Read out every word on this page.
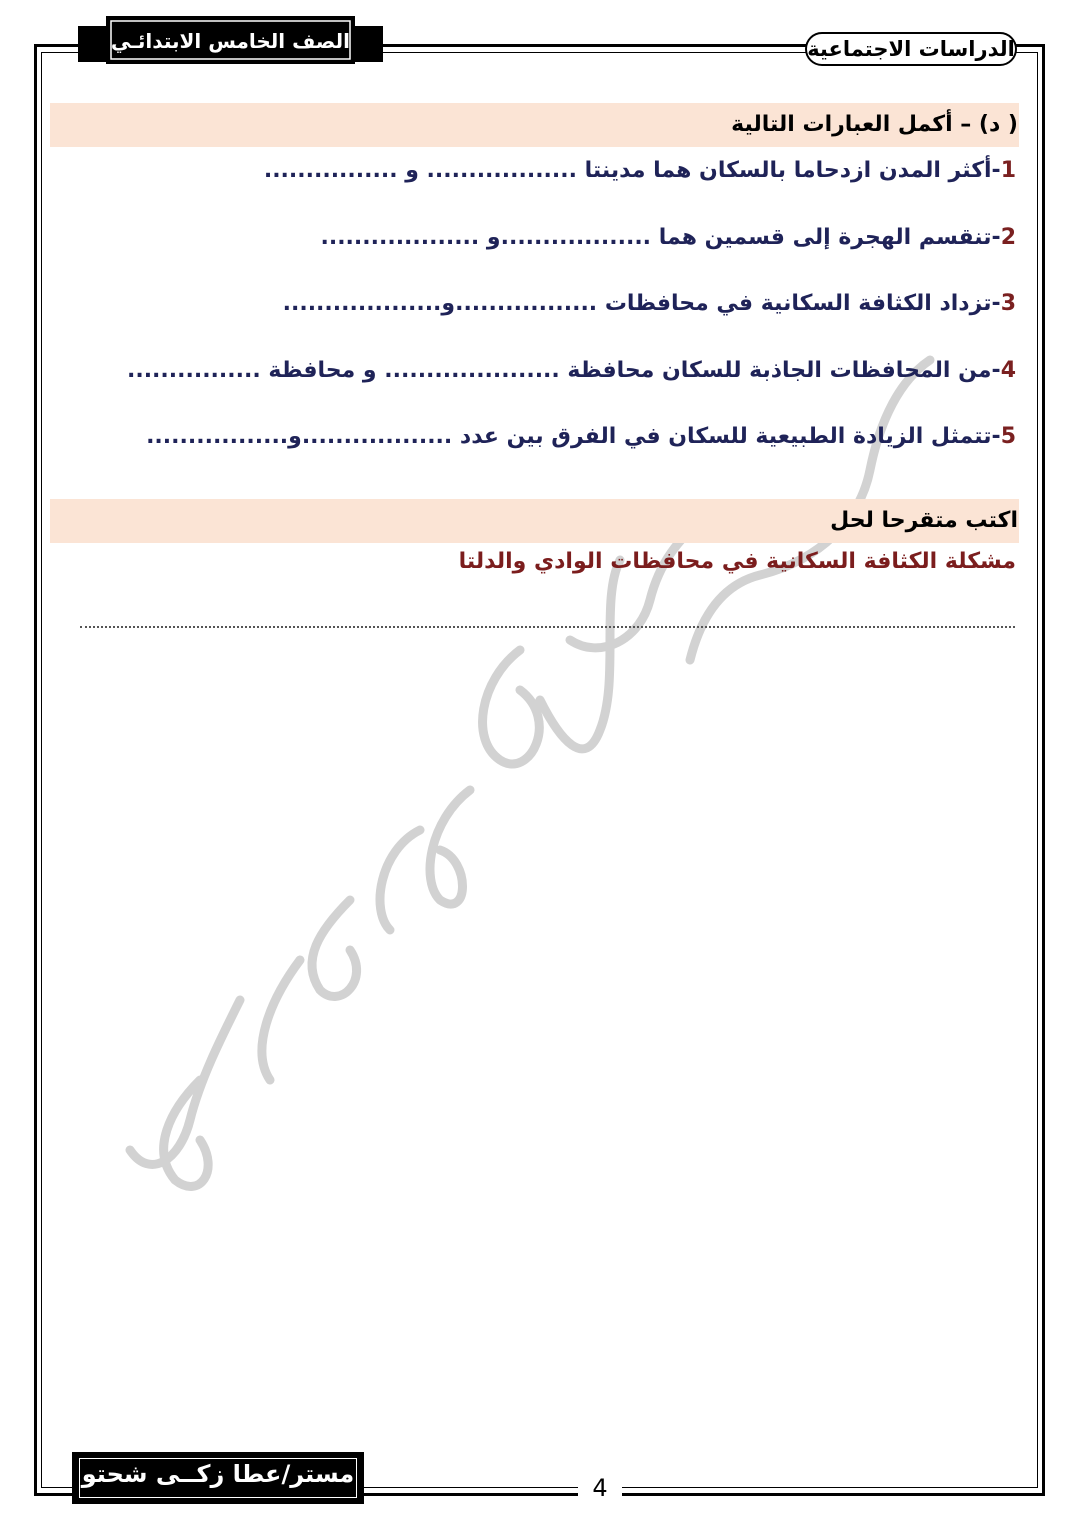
الصف الخامس الابتدائـي	الدراسات الاجتماعية
( د) – أكمل العبارات التالية
1-أكثر المدن ازدحاما بالسكان هما مدينتا .................. و ................
2-تنقسم الهجرة إلى قسمين هما ..................و ...................
3-تزداد الكثافة السكانية في محافظات .................و...................
4-من المحافظات الجاذبة للسكان محافظة ..................... و محافظة ................
5-تتمثل الزيادة الطبيعية للسكان في الفرق بين عدد ..................و.................
اكتب متقرحا لحل
مشكلة الكثافة السكانية في محافظات الوادي والدلتا
مستر/عطا زكــى شحتو	4
